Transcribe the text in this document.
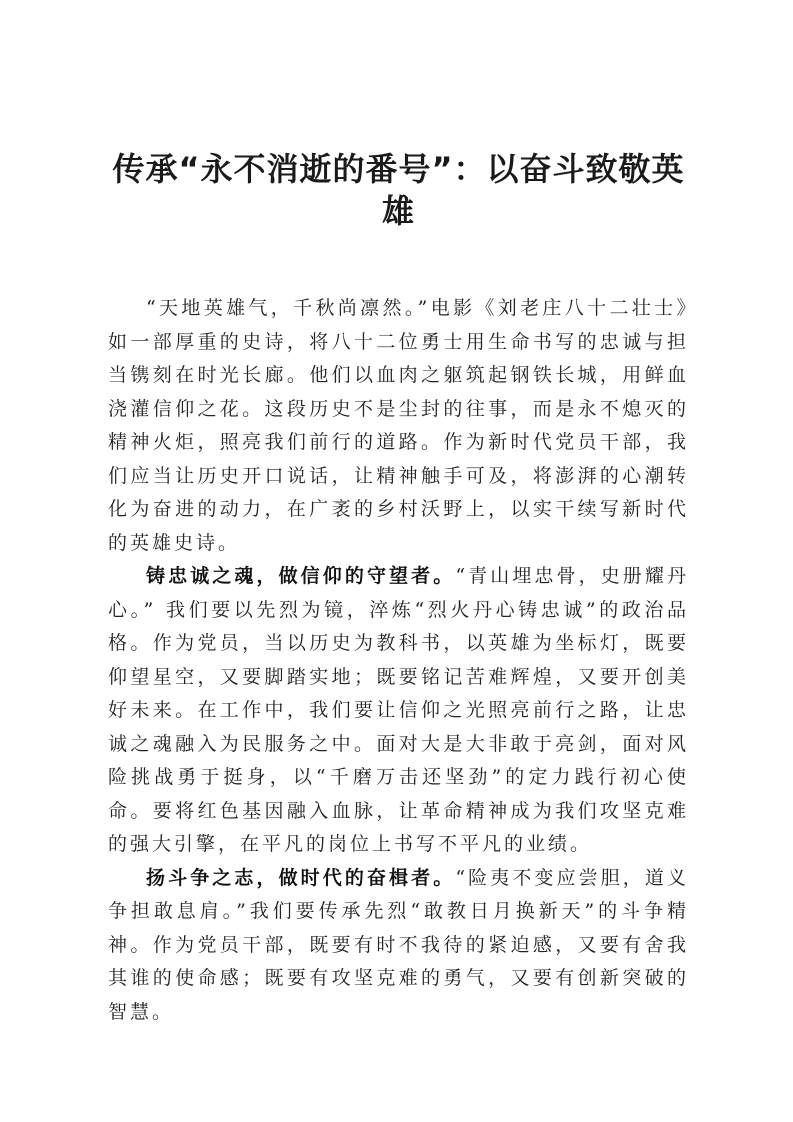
传承“永不消逝的番号”：以奋斗致敬英雄

“天地英雄气，千秋尚凛然。”电影《刘老庄八十二壮士》如一部厚重的史诗，将八十二位勇士用生命书写的忠诚与担当镌刻在时光长廊。他们以血肉之躯筑起钢铁长城，用鲜血浇灌信仰之花。这段历史不是尘封的往事，而是永不熄灭的精神火炬，照亮我们前行的道路。作为新时代党员干部，我们应当让历史开口说话，让精神触手可及，将澎湃的心潮转化为奋进的动力，在广袤的乡村沃野上，以实干续写新时代的英雄史诗。

铸忠诚之魂，做信仰的守望者。“青山埋忠骨，史册耀丹心。” 我们要以先烈为镜，淬炼“烈火丹心铸忠诚”的政治品格。作为党员，当以历史为教科书，以英雄为坐标灯，既要仰望星空，又要脚踏实地；既要铭记苦难辉煌，又要开创美好未来。在工作中，我们要让信仰之光照亮前行之路，让忠诚之魂融入为民服务之中。面对大是大非敢于亮剑，面对风险挑战勇于挺身，以“千磨万击还坚劲”的定力践行初心使命。要将红色基因融入血脉，让革命精神成为我们攻坚克难的强大引擎，在平凡的岗位上书写不平凡的业绩。

扬斗争之志，做时代的奋楫者。“险夷不变应尝胆，道义争担敢息肩。”我们要传承先烈“敢教日月换新天”的斗争精神。作为党员干部，既要有时不我待的紧迫感，又要有舍我其谁的使命感；既要有攻坚克难的勇气，又要有创新突破的智慧。
